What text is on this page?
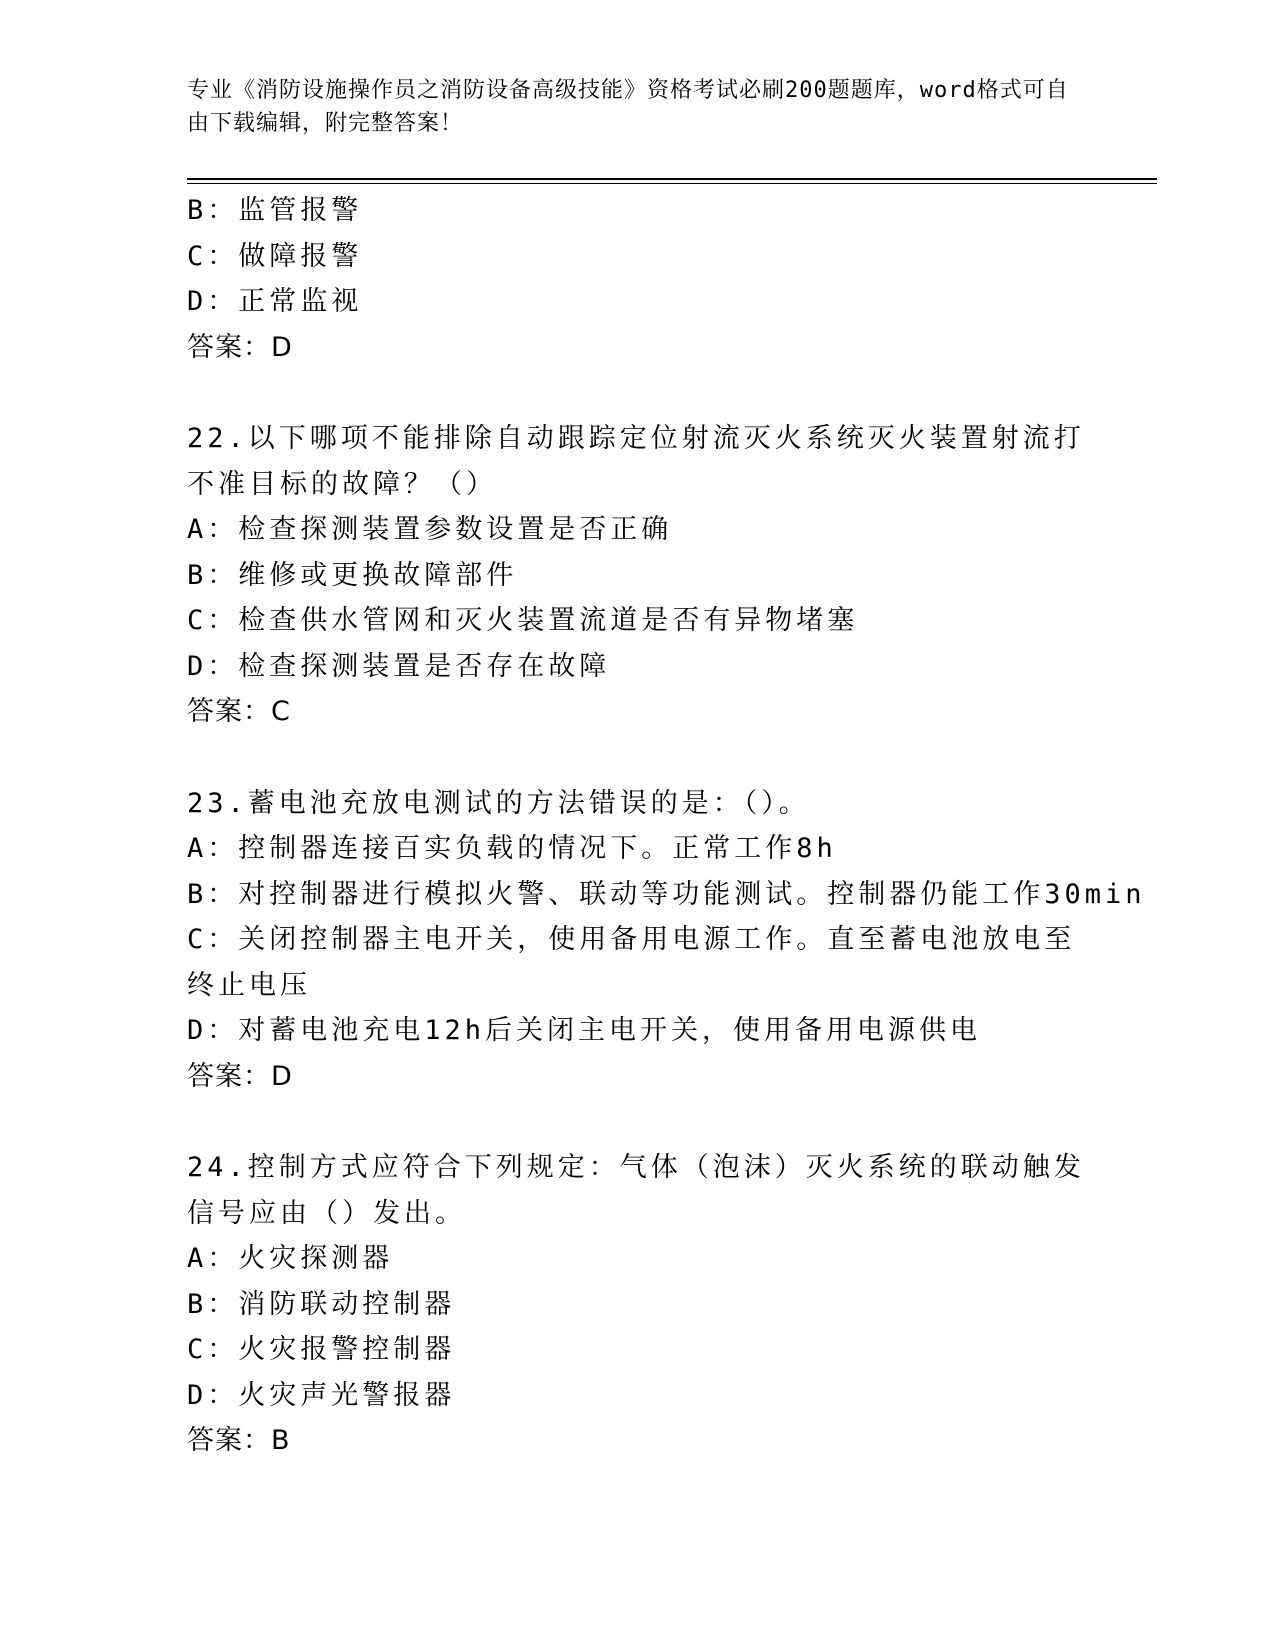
专业《消防设施操作员之消防设备高级技能》资格考试必刷200题题库，word格式可自由下载编辑，附完整答案！
B：监管报警
C：做障报警
D：正常监视
答案：D
22.以下哪项不能排除自动跟踪定位射流灭火系统灭火装置射流打不准目标的故障？（）
A：检查探测装置参数设置是否正确
B：维修或更换故障部件
C：检查供水管网和灭火装置流道是否有异物堵塞
D：检查探测装置是否存在故障
答案：C
23.蓄电池充放电测试的方法错误的是：（）。
A：控制器连接百实负载的情况下。正常工作8h
B：对控制器进行模拟火警、联动等功能测试。控制器仍能工作30min
C：关闭控制器主电开关，使用备用电源工作。直至蓄电池放电至终止电压
D：对蓄电池充电12h后关闭主电开关，使用备用电源供电
答案：D
24.控制方式应符合下列规定：气体（泡沫）灭火系统的联动触发信号应由（）发出。
A：火灾探测器
B：消防联动控制器
C：火灾报警控制器
D：火灾声光警报器
答案：B
